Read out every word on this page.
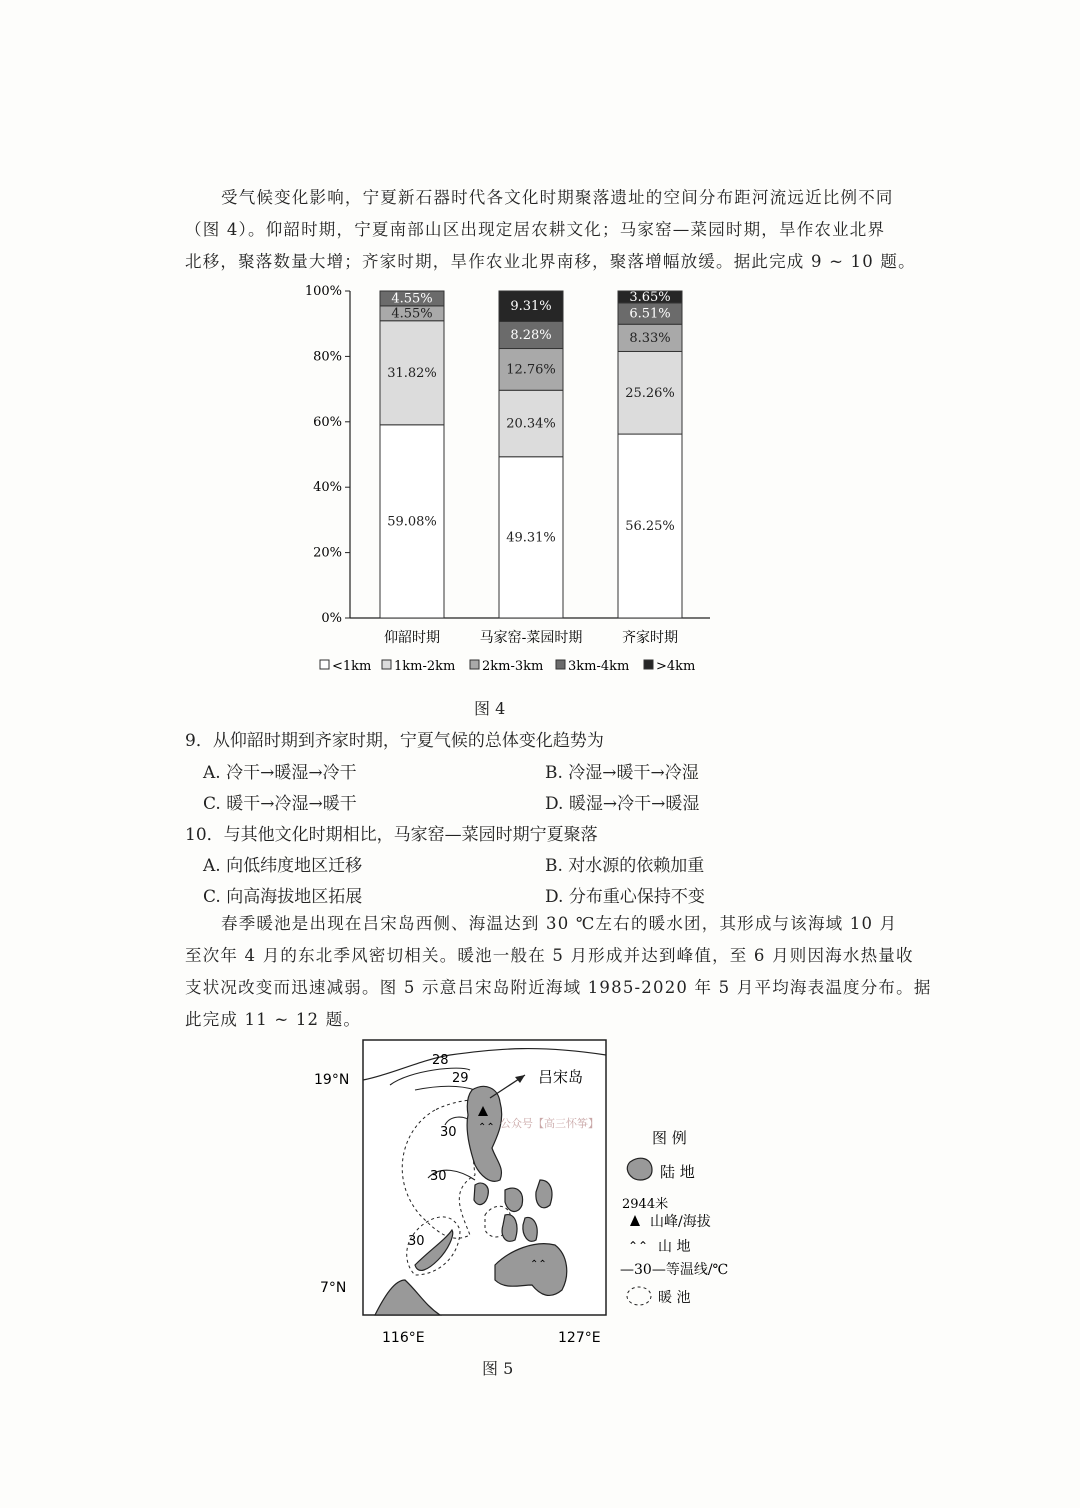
受气候变化影响，宁夏新石器时代各文化时期聚落遗址的空间分布距河流远近比例不同
（图 4）。仰韶时期，宁夏南部山区出现定居农耕文化；马家窑—菜园时期，旱作农业北界
北移，聚落数量大增；齐家时期，旱作农业北界南移，聚落增幅放缓。据此完成 9 ~ 10 题。
0%
20%
40%
60%
80%
100%
59.08%
31.82%
4.55%
4.55%
仰韶时期
49.31%
20.34%
12.76%
8.28%
9.31%
马家窑-菜园时期
56.25%
25.26%
8.33%
6.51%
3.65%
齐家时期
<1km 1km-2km 2km-3km 3km-4km >4km
图 4
9．从仰韶时期到齐家时期，宁夏气候的总体变化趋势为
A. 冷干→暖湿→冷干	B. 冷湿→暖干→冷湿
C. 暖干→冷湿→暖干	D. 暖湿→冷干→暖湿
10．与其他文化时期相比，马家窑—菜园时期宁夏聚落
A. 向低纬度地区迁移	B. 对水源的依赖加重
C. 向高海拔地区拓展	D. 分布重心保持不变
春季暖池是出现在吕宋岛西侧、海温达到 30 ℃左右的暖水团，其形成与该海域 10 月
至次年 4 月的东北季风密切相关。暖池一般在 5 月形成并达到峰值，至 6 月则因海水热量收
支状况改变而迅速减弱。图 5 示意吕宋岛附近海域 1985-2020 年 5 月平均海表温度分布。据
此完成 11 ~ 12 题。
⌃⌃
⌃⌃
28
29
30
30
30
公众号【高三怀筝】
吕宋岛
19°N
7°N
116°E	127°E
图 例
陆 地
2944米
山峰/海拔
⌃⌃ 山 地
—30—等温线/℃
暖 池
图 5
